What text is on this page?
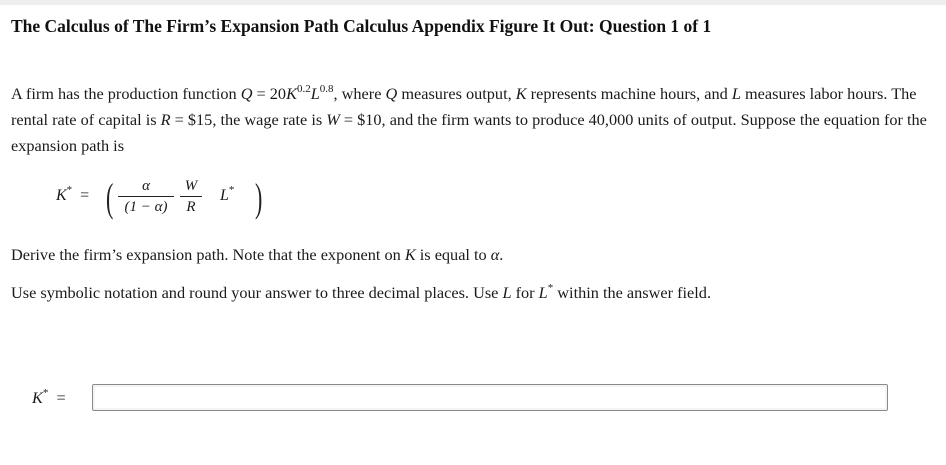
The Calculus of The Firm’s Expansion Path Calculus Appendix Figure It Out: Question 1 of 1
A firm has the production function $Q = 20K^{0.2}L^{0.8}$, where Q measures output, K represents machine hours, and L measures labor hours. The rental rate of capital is R = $15, the wage rate is W = $10, and the firm wants to produce 40,000 units of output. Suppose the equation for the expansion path is
K* = (	α
(1 − α)
W
R )
L*
Derive the firm’s expansion path. Note that the exponent on K is equal to α.
Use symbolic notation and round your answer to three decimal places. Use L for L* within the answer field.
K* =
